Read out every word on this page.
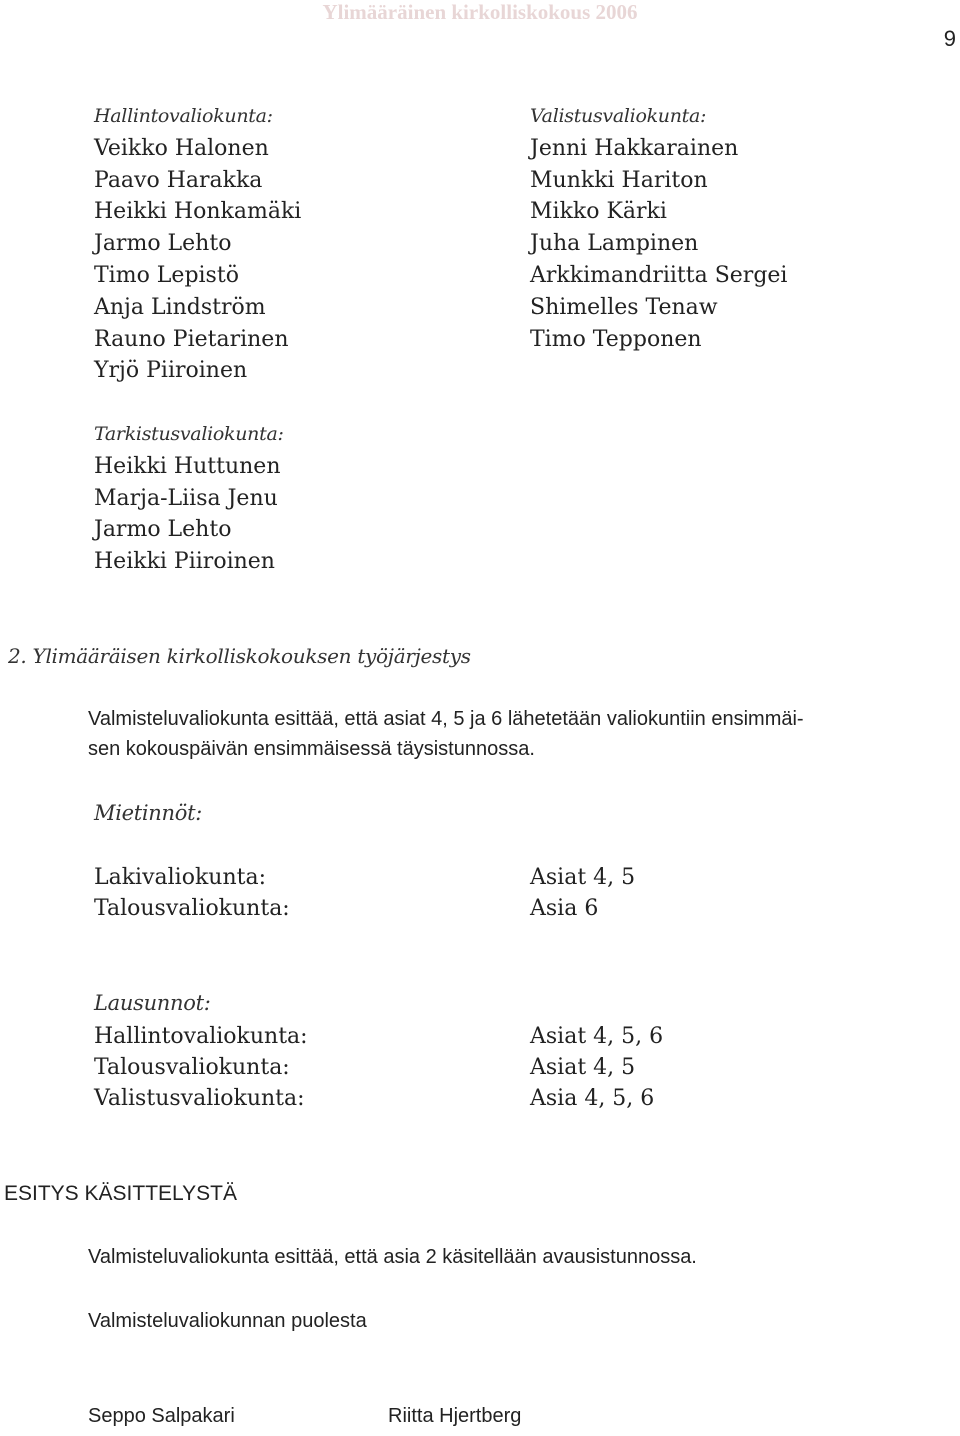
Ylimääräinen kirkolliskokous 2006
9
Hallintovaliokunta:
Veikko Halonen
Paavo Harakka
Heikki Honkamäki
Jarmo Lehto
Timo Lepistö
Anja Lindström
Rauno Pietarinen
Yrjö Piiroinen
Valistusvaliokunta:
Jenni Hakkarainen
Munkki Hariton
Mikko Kärki
Juha Lampinen
Arkkimandriitta Sergei
Shimelles Tenaw
Timo Tepponen
Tarkistusvaliokunta:
Heikki Huttunen
Marja-Liisa Jenu
Jarmo Lehto
Heikki Piiroinen
2. Ylimääräisen kirkolliskokouksen työjärjestys
Valmisteluvaliokunta esittää, että asiat 4, 5 ja 6 lähetetään valiokuntiin ensimmäi-
sen kokouspäivän ensimmäisessä täysistunnossa.
Mietinnöt:
Lakivaliokunta:	Asiat 4, 5
Talousvaliokunta:	Asia 6
Lausunnot:
Hallintovaliokunta:	Asiat 4, 5, 6
Talousvaliokunta:	Asiat 4, 5
Valistusvaliokunta:	Asia 4, 5, 6
ESITYS KÄSITTELYSTÄ
Valmisteluvaliokunta esittää, että asia 2 käsitellään avausistunnossa.
Valmisteluvaliokunnan puolesta
Seppo Salpakari	Riitta Hjertberg
